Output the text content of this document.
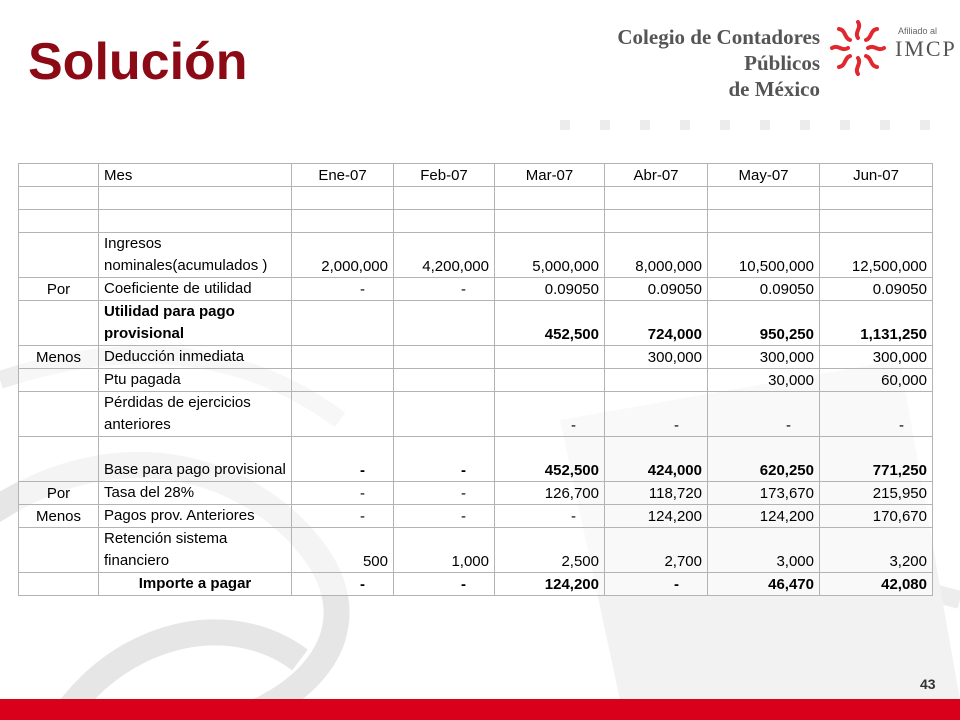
Solución	Colegio de Contadores Públicos
de México
Afiliado al
IMCP
	Mes	Ene-07	Feb-07	Mar-07	Abr-07	May-07	Jun-07

	Ingresos nominales(acumulados )	2,000,000	4,200,000	5,000,000	8,000,000	10,500,000	12,500,000
Por	Coeficiente de utilidad	-	-	0.09050	0.09050	0.09050	0.09050
	Utilidad para pago provisional			452,500	724,000	950,250	1,131,250
Menos	Deducción inmediata				300,000	300,000	300,000
	Ptu pagada					30,000	60,000
	Pérdidas de ejercicios anteriores			-	-	-	-
	Base para pago provisional	-	-	452,500	424,000	620,250	771,250
Por	Tasa del 28%	-	-	126,700	118,720	173,670	215,950
Menos	Pagos prov. Anteriores	-	-	-	124,200	124,200	170,670
	Retención sistema financiero	500	1,000	2,500	2,700	3,000	3,200
	Importe a pagar	-	-	124,200	-	46,470	42,080
43
